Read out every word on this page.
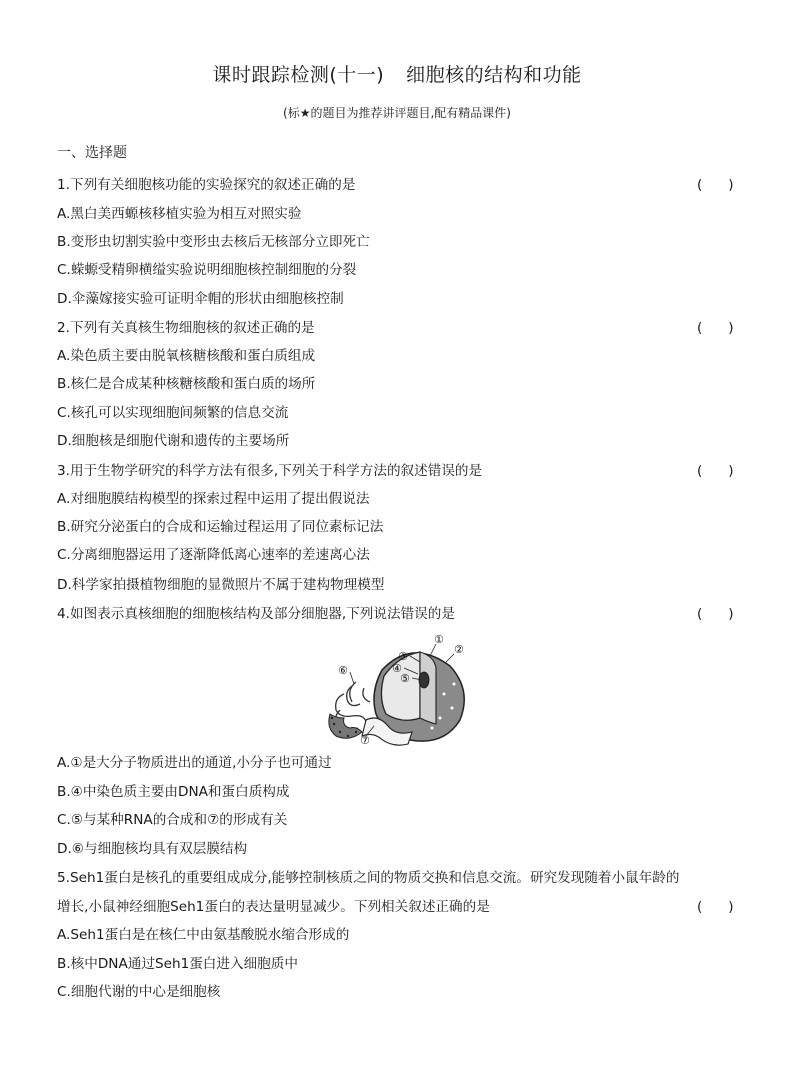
课时跟踪检测(十一) 细胞核的结构和功能
(标★的题目为推荐讲评题目,配有精品课件)
一、选择题
1.下列有关细胞核功能的实验探究的叙述正确的是	(      )
A.黑白美西螈核移植实验为相互对照实验
B.变形虫切割实验中变形虫去核后无核部分立即死亡
C.蝾螈受精卵横缢实验说明细胞核控制细胞的分裂
D.伞藻嫁接实验可证明伞帽的形状由细胞核控制
2.下列有关真核生物细胞核的叙述正确的是	(      )
A.染色质主要由脱氧核糖核酸和蛋白质组成
B.核仁是合成某种核糖核酸和蛋白质的场所
C.核孔可以实现细胞间频繁的信息交流
D.细胞核是细胞代谢和遗传的主要场所
3.用于生物学研究的科学方法有很多,下列关于科学方法的叙述错误的是	(      )
A.对细胞膜结构模型的探索过程中运用了提出假说法
B.研究分泌蛋白的合成和运输过程运用了同位素标记法
C.分离细胞器运用了逐渐降低离心速率的差速离心法
D.科学家拍摄植物细胞的显微照片不属于建构物理模型
4.如图表示真核细胞的细胞核结构及部分细胞器,下列说法错误的是	(      )
①
②
③
④
⑤
⑥
⑦
A.①是大分子物质进出的通道,小分子也可通过
B.④中染色质主要由DNA和蛋白质构成
C.⑤与某种RNA的合成和⑦的形成有关
D.⑥与细胞核均具有双层膜结构
5.Seh1蛋白是核孔的重要组成成分,能够控制核质之间的物质交换和信息交流。研究发现随着小鼠年龄的
增长,小鼠神经细胞Seh1蛋白的表达量明显减少。下列相关叙述正确的是	(      )
A.Seh1蛋白是在核仁中由氨基酸脱水缩合形成的
B.核中DNA通过Seh1蛋白进入细胞质中
C.细胞代谢的中心是细胞核
